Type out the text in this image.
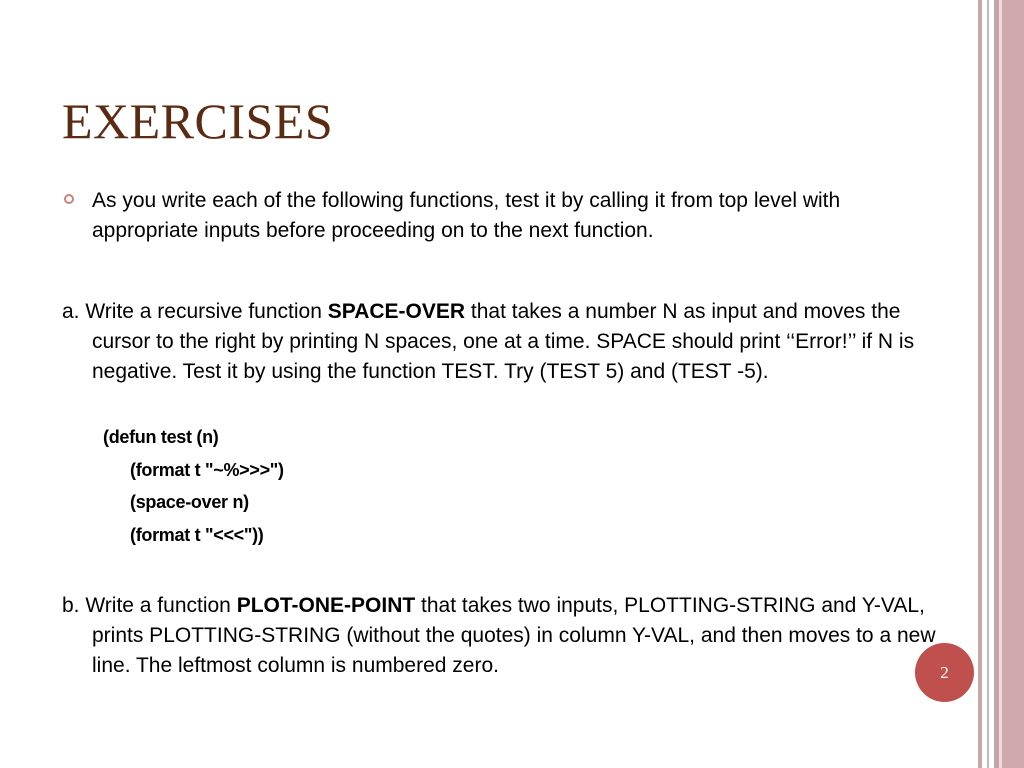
EXERCISES
As you write each of the following functions, test it by calling it from top level with appropriate inputs before proceeding on to the next function.
a. Write a recursive function SPACE-OVER that takes a number N as input and moves the cursor to the right by printing N spaces, one at a time. SPACE should print ‘‘Error!’’ if N is negative. Test it by using the function TEST. Try (TEST 5) and (TEST -5).
(defun test (n)
(format t "~%>>>")
(space-over n)
(format t "<<<"))
b. Write a function PLOT-ONE-POINT that takes two inputs, PLOTTING-STRING and Y-VAL, prints PLOTTING-STRING (without the quotes) in column Y-VAL, and then moves to a new line. The leftmost column is numbered zero.	2
